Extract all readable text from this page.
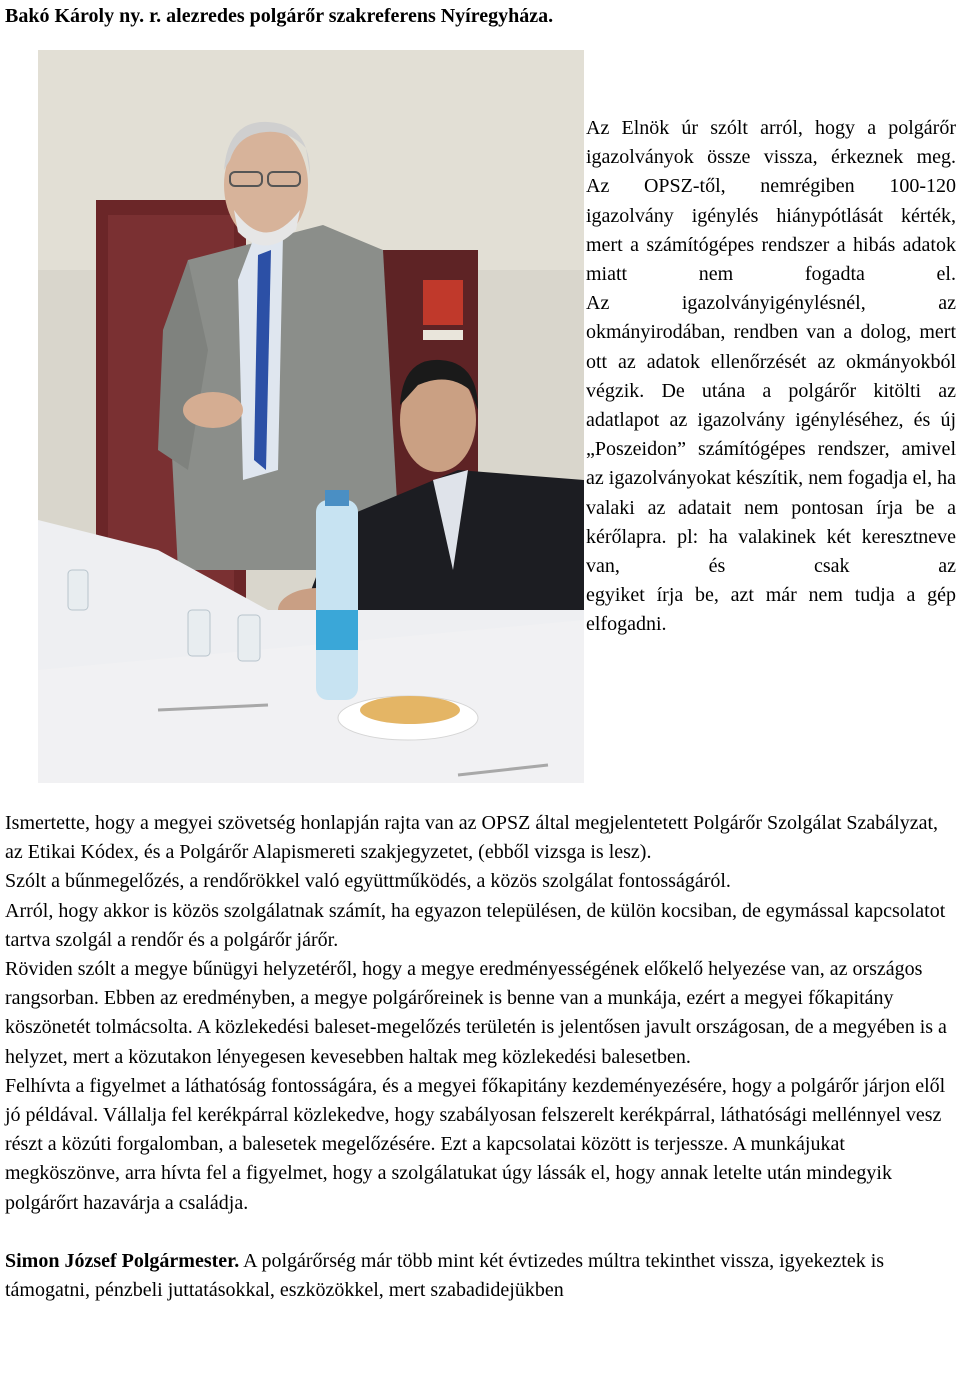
Bakó Károly ny. r. alezredes polgárőr szakreferens Nyíregyháza.

Az Elnök úr szólt arról, hogy a polgárőr igazolványok össze vissza, érkeznek meg.

Az OPSZ-től, nemrégiben 100-120 igazolvány igénylés hiánypótlását kérték, mert a számítógépes rendszer a hibás adatok miatt nem fogadta el.

Az igazolványigénylésnél, az okmányirodában, rendben van a dolog, mert ott az adatok ellenőrzését az okmányokból végzik. De utána a polgárőr kitölti az adatlapot az igazolvány igényléséhez, és új „Poszeidon” számítógépes rendszer, amivel az igazolványokat készítik, nem fogadja el, ha valaki az adatait nem pontosan írja be a kérőlapra. pl: ha valakinek két keresztneve van, és csak az

egyiket írja be, azt már nem tudja a gép elfogadni.

Ismertette, hogy a megyei szövetség honlapján rajta van az OPSZ által megjelentetett Polgárőr Szolgálat Szabályzat, az Etikai Kódex, és a Polgárőr Alapismereti szakjegyzetet, (ebből vizsga is lesz).

Szólt a bűnmegelőzés, a rendőrökkel való együttműködés, a közös szolgálat fontosságáról.

Arról, hogy akkor is közös szolgálatnak számít, ha egyazon településen, de külön kocsiban, de egymással kapcsolatot tartva szolgál a rendőr és a polgárőr járőr.

Röviden szólt a megye bűnügyi helyzetéről, hogy a megye eredményességének előkelő helyezése van, az országos rangsorban. Ebben az eredményben, a megye polgárőreinek is benne van a munkája, ezért a megyei főkapitány köszönetét tolmácsolta. A közlekedési baleset-megelőzés területén is jelentősen javult országosan, de a megyében is a helyzet, mert a közutakon lényegesen kevesebben haltak meg közlekedési balesetben.

Felhívta a figyelmet a láthatóság fontosságára, és a megyei főkapitány kezdeményezésére, hogy a polgárőr járjon elől jó példával. Vállalja fel kerékpárral közlekedve, hogy szabályosan felszerelt kerékpárral, láthatósági mellénnyel vesz részt a közúti forgalomban, a balesetek megelőzésére. Ezt a kapcsolatai között is terjessze. A munkájukat megköszönve, arra hívta fel a figyelmet, hogy a szolgálatukat úgy lássák el, hogy annak letelte után mindegyik polgárőrt hazavárja a családja.

Simon József Polgármester. A polgárőrség már több mint két évtizedes múltra tekinthet vissza, igyekeztek is támogatni, pénzbeli juttatásokkal, eszközökkel, mert szabadidejükben
